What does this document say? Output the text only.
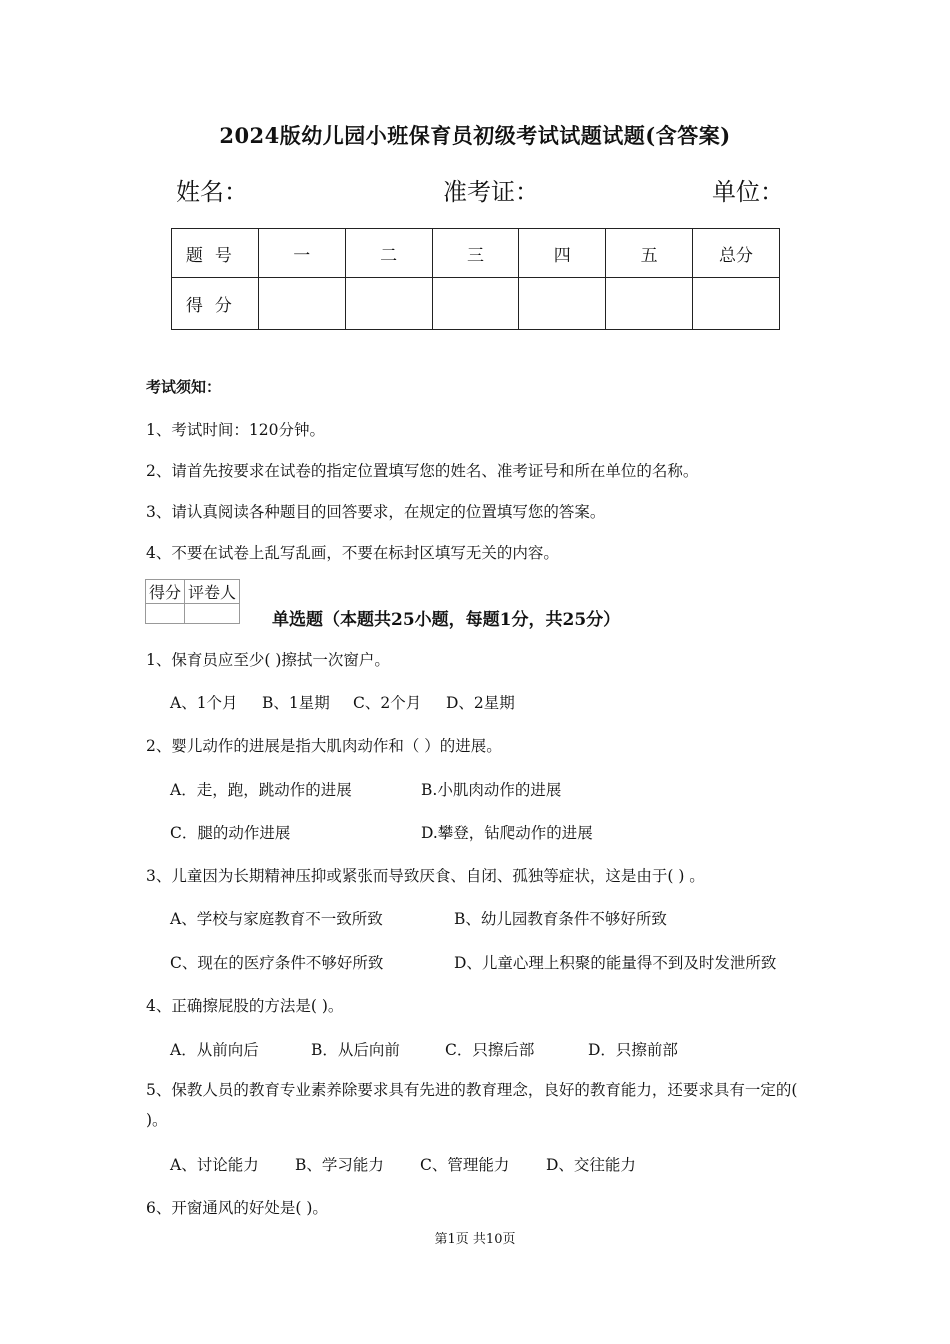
2024版幼儿园小班保育员初级考试试题试题(含答案)
姓名：	准考证：	单位：
题号	一	二	三	四	五	总分
得分						
考试须知：
1、考试时间：120分钟。
2、请首先按要求在试卷的指定位置填写您的姓名、准考证号和所在单位的名称。
3、请认真阅读各种题目的回答要求，在规定的位置填写您的答案。
4、不要在试卷上乱写乱画，不要在标封区填写无关的内容。
得分	评卷人

单选题（本题共25小题，每题1分，共25分）
1、保育员应至少( )擦拭一次窗户。
A、1个月 B、1星期 C、2个月 D、2星期
2、婴儿动作的进展是指大肌肉动作和（ ）的进展。
A．走，跑，跳动作的进展	B.小肌肉动作的进展
C．腿的动作进展	D.攀登，钻爬动作的进展
3、儿童因为长期精神压抑或紧张而导致厌食、自闭、孤独等症状，这是由于( ) 。
A、学校与家庭教育不一致所致	B、幼儿园教育条件不够好所致
C、现在的医疗条件不够好所致	D、儿童心理上积聚的能量得不到及时发泄所致
4、正确擦屁股的方法是( )。
A．从前向后	B．从后向前	C．只擦后部	D．只擦前部
5、保教人员的教育专业素养除要求具有先进的教育理念，良好的教育能力，还要求具有一定的( )。
A、讨论能力 B、学习能力 C、管理能力 D、交往能力
6、开窗通风的好处是( )。
第1页 共10页
